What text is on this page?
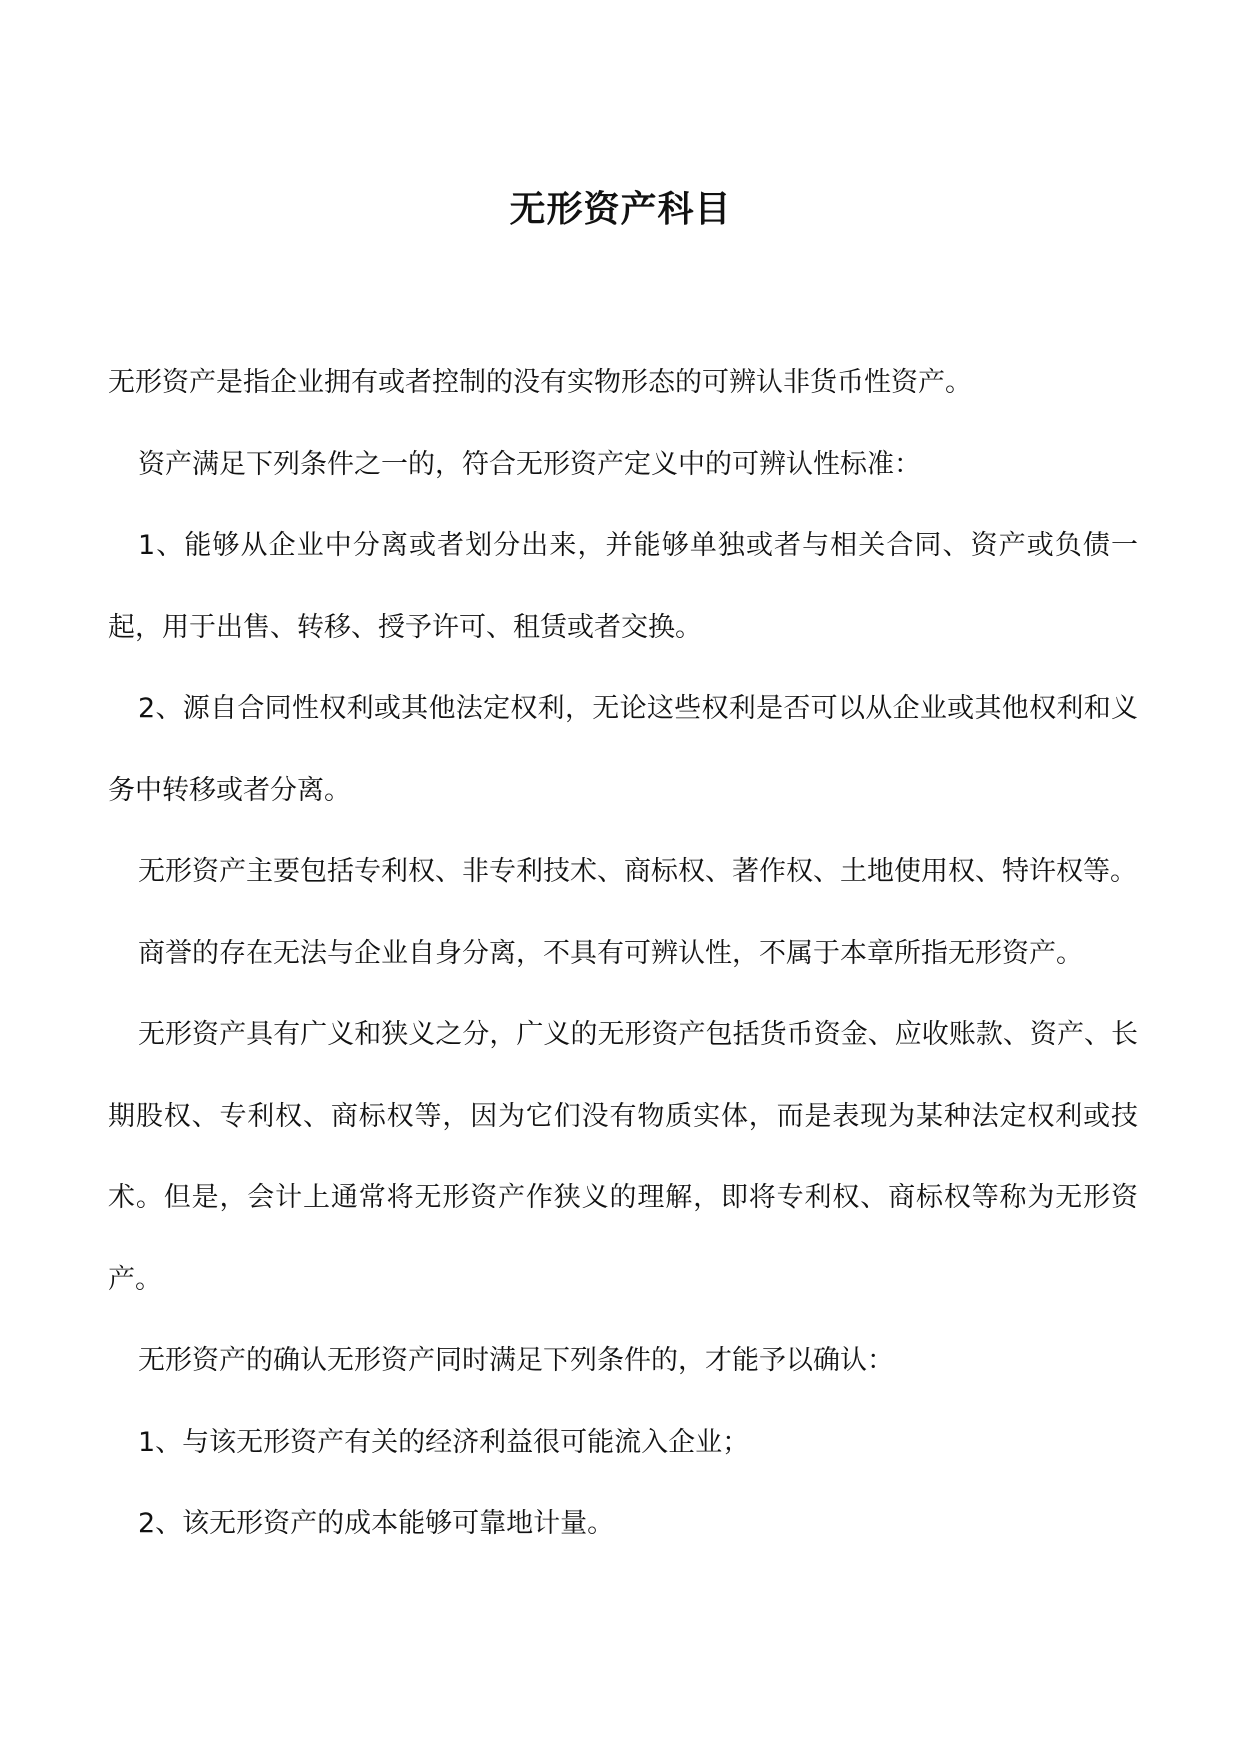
无形资产科目

无形资产是指企业拥有或者控制的没有实物形态的可辨认非货币性资产。

资产满足下列条件之一的，符合无形资产定义中的可辨认性标准：

1、能够从企业中分离或者划分出来，并能够单独或者与相关合同、资产或负债一起，用于出售、转移、授予许可、租赁或者交换。

2、源自合同性权利或其他法定权利，无论这些权利是否可以从企业或其他权利和义务中转移或者分离。

无形资产主要包括专利权、非专利技术、商标权、著作权、土地使用权、特许权等。

商誉的存在无法与企业自身分离，不具有可辨认性，不属于本章所指无形资产。

无形资产具有广义和狭义之分，广义的无形资产包括货币资金、应收账款、资产、长期股权、专利权、商标权等，因为它们没有物质实体，而是表现为某种法定权利或技术。但是，会计上通常将无形资产作狭义的理解，即将专利权、商标权等称为无形资产。

无形资产的确认无形资产同时满足下列条件的，才能予以确认：

1、与该无形资产有关的经济利益很可能流入企业；

2、该无形资产的成本能够可靠地计量。
